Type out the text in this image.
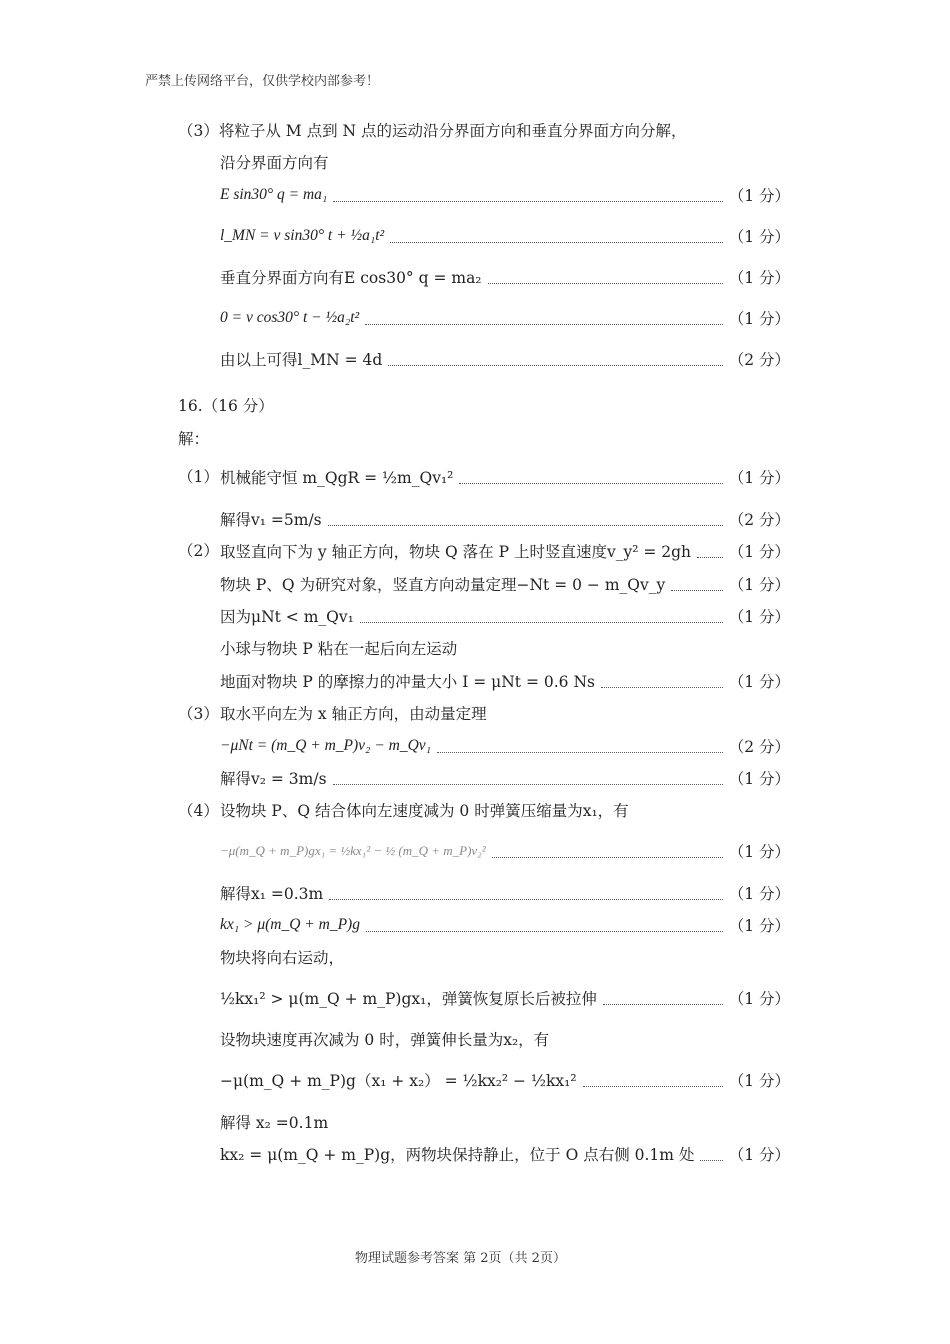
严禁上传网络平台，仅供学校内部参考！
（3）将粒子从 M 点到 N 点的运动沿分界面方向和垂直分界面方向分解，
沿分界面方向有
E sin30° q = ma₁	（1 分）
l_MN = v sin30° t + ½a₁t²	（1 分）
垂直分界面方向有E cos30° q = ma₂	（1 分）
0 = v cos30° t − ½a₂t²	（1 分）
由以上可得l_MN = 4d	（2 分）
16.（16 分）
解：
（1） 机械能守恒 m_QgR = ½m_Qv₁²	（1 分）
解得v₁ =5m/s	（2 分）
（2） 取竖直向下为 y 轴正方向，物块 Q 落在 P 上时竖直速度v_y² = 2gh （1 分）
物块 P、Q 为研究对象，竖直方向动量定理−Nt = 0 − m_Qv_y	（1 分）
因为μNt < m_Qv₁	（1 分）
小球与物块 P 粘在一起后向左运动
地面对物块 P 的摩擦力的冲量大小 I = μNt = 0.6 Ns	（1 分）
（3） 取水平向左为 x 轴正方向，由动量定理
−μNt = (m_Q + m_P)v₂ − m_Qv₁	（2 分）
解得v₂ = 3m/s	（1 分）
（4） 设物块 P、Q 结合体向左速度减为 0 时弹簧压缩量为x₁，有
−μ(m_Q + m_P)gx₁ = ½kx₁² − ½ (m_Q + m_P)v₂²	（1 分）
解得x₁ =0.3m	（1 分）
kx₁ > μ(m_Q + m_P)g	（1 分）
物块将向右运动，
½kx₁² > μ(m_Q + m_P)gx₁，弹簧恢复原长后被拉伸	（1 分）
设物块速度再次减为 0 时，弹簧伸长量为x₂，有
−μ(m_Q + m_P)g（x₁ + x₂） = ½kx₂² − ½kx₁²	（1 分）
解得 x₂ =0.1m
kx₂ = μ(m_Q + m_P)g，两物块保持静止，位于 O 点右侧 0.1m 处 （1 分）
物理试题参考答案 第 2页（共 2页）
